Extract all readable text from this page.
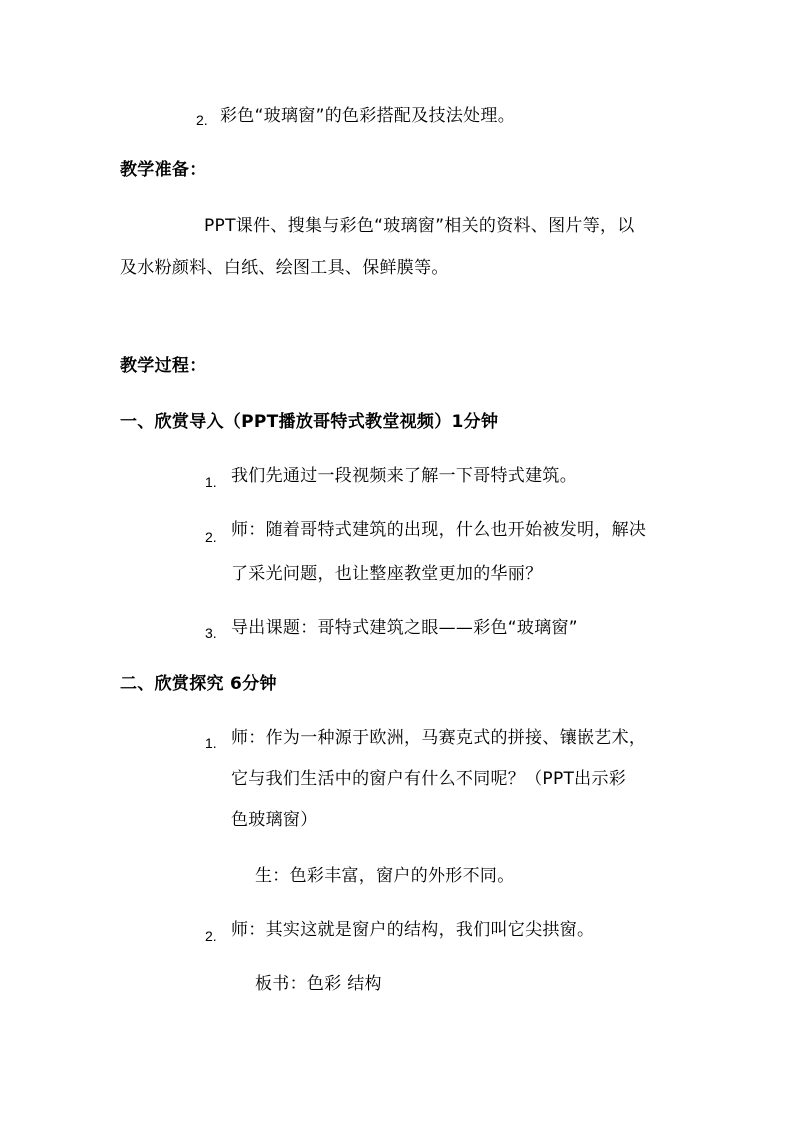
2. 彩色“玻璃窗”的色彩搭配及技法处理。
教学准备：
PPT课件、搜集与彩色“玻璃窗”相关的资料、图片等，以
及水粉颜料、白纸、绘图工具、保鲜膜等。
教学过程：
一、欣赏导入（PPT播放哥特式教堂视频）1分钟
1. 我们先通过一段视频来了解一下哥特式建筑。
2. 师：随着哥特式建筑的出现，什么也开始被发明，解决
了采光问题，也让整座教堂更加的华丽？
3. 导出课题：哥特式建筑之眼——彩色“玻璃窗”
二、欣赏探究 6分钟
1. 师：作为一种源于欧洲，马赛克式的拼接、镶嵌艺术，
它与我们生活中的窗户有什么不同呢？（PPT出示彩
色玻璃窗）
生：色彩丰富，窗户的外形不同。
2. 师：其实这就是窗户的结构，我们叫它尖拱窗。
板书：色彩 结构
